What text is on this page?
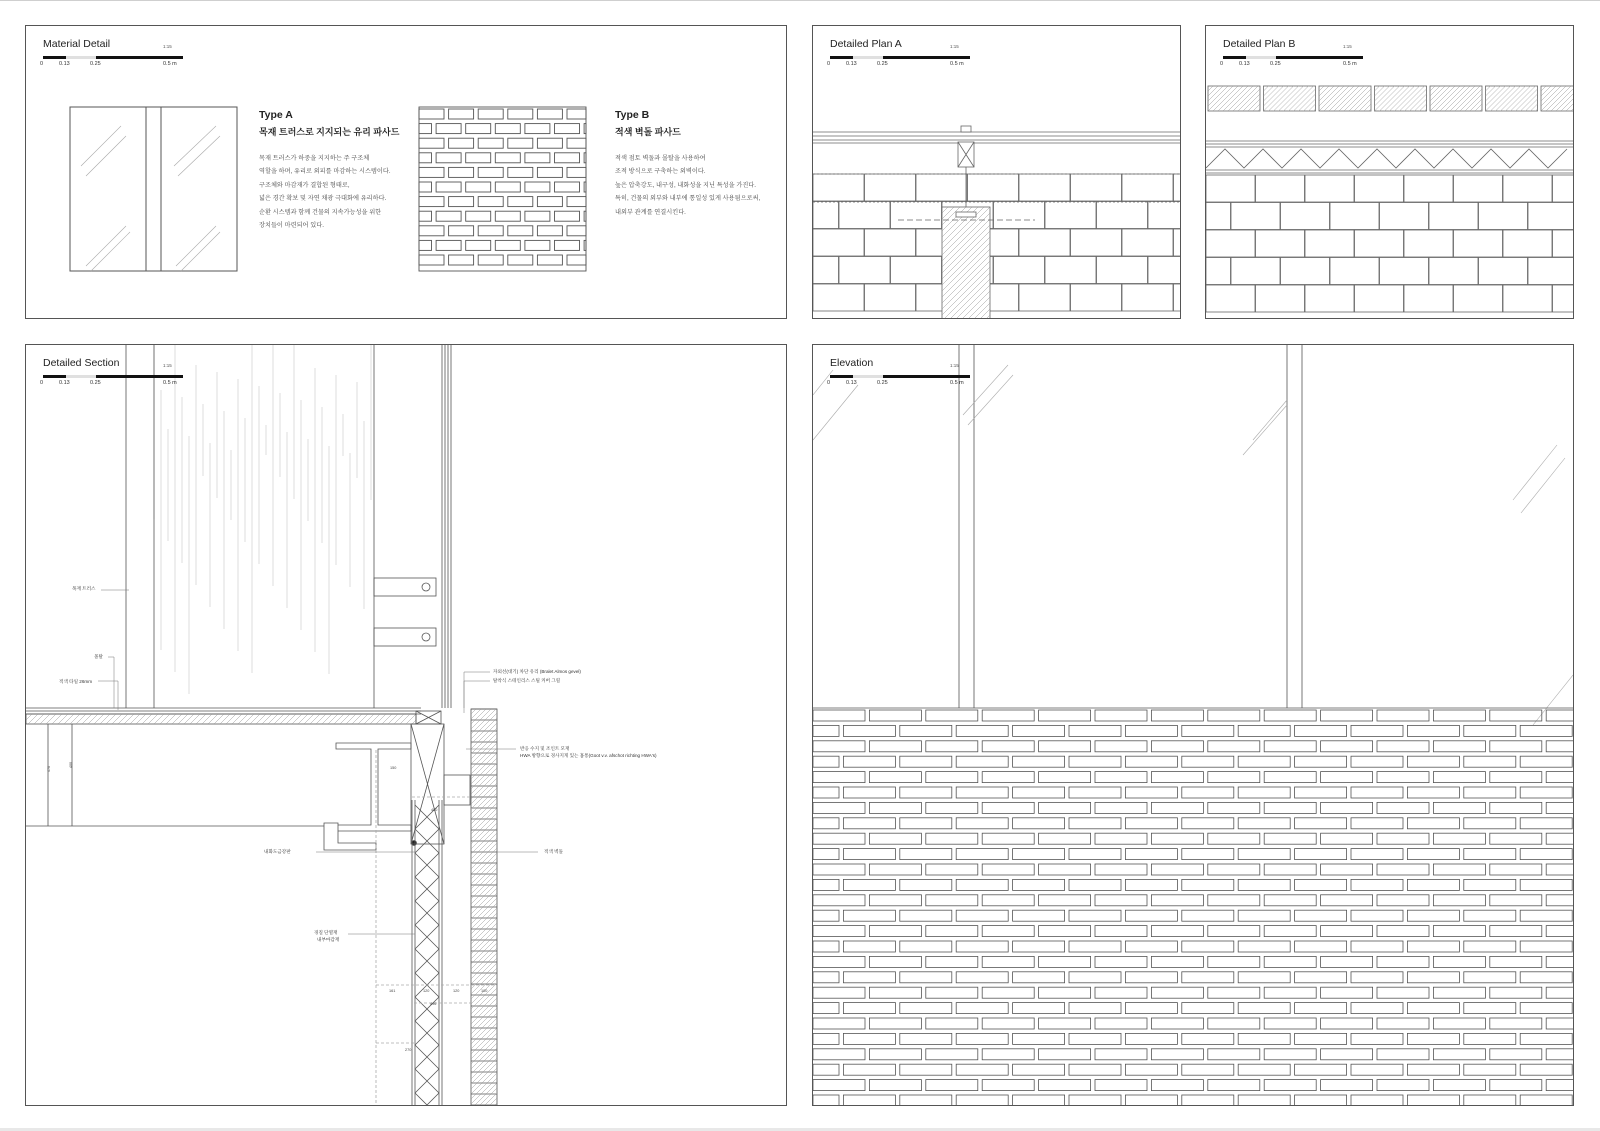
Material Detail	1:15
0	0.13	0.25	0.5 m
Type A
목재 트러스로 지지되는 유리 파사드
목재 트러스가 하중을 지지하는 주 구조체
역할을 하며, 유리로 외피를 마감하는 시스템이다.
구조체와 마감재가 결합된 형태로,
넓은 경간 확보 및 자연 채광 극대화에 유리하다.
순환 시스템과 함께 건물의 지속가능성을 위한
장치들이 마련되어 있다.
Type B
적색 벽돌 파사드
적색 점토 벽돌과 몰탈을 사용하여
조적 방식으로 구축하는 외벽이다.
높은 압축강도, 내구성, 내화성을 지닌 특성을 가진다.
특히, 건물의 외부와 내부에 통일성 있게 사용됨으로써,
내외부 관계를 연결시킨다.
Detailed Plan A	1:15
0	0.13	0.25	0.5 m
Detailed Plan B	1:15
0	0.13	0.25	0.5 m
Detailed Section	1:15
0	0.13	0.25	0.5 m
목재 트러스
몰탈
적색 타일 26mm
자외선(대기) 차단 유리 (Bralet Almos gevel)
탈착식 스테인리스 스틸 커버 그릴
반응 수지 및 조인트 모재
HWA 방향으로 경사지게 있는 홈통(Goot v.v. afschot richting HWA's)
내화도금강판	적색 벽돌
경질 단열재
내부마감재
470
400	150
400
161	120	120	100
496
270
Elevation	1:15
0	0.13	0.25	0.5 m
